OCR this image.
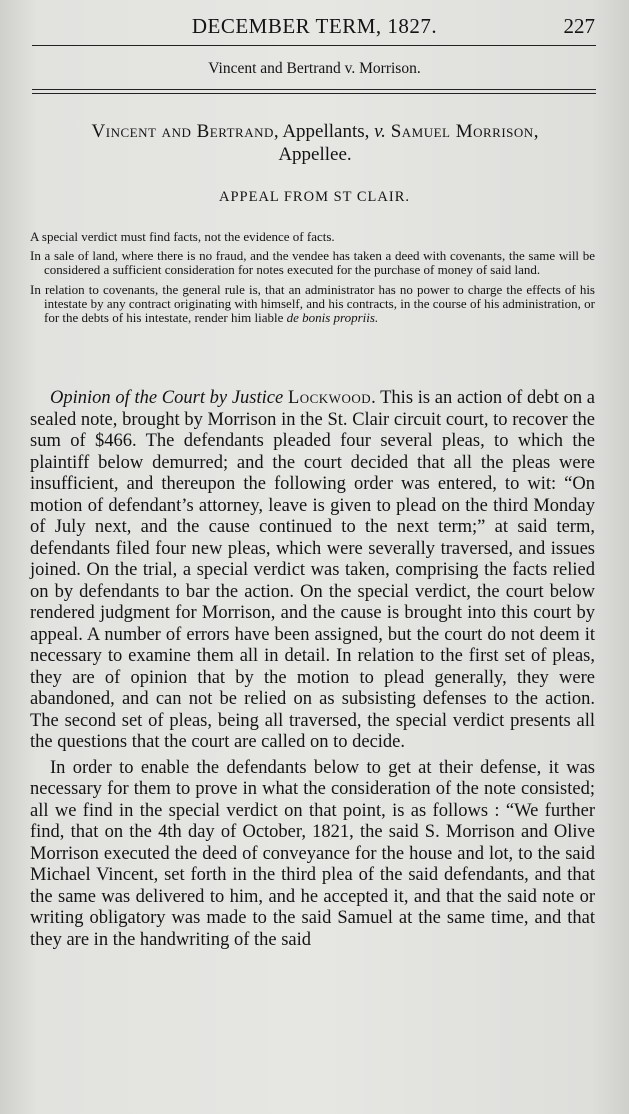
DECEMBER TERM, 1827.	227
Vincent and Bertrand v. Morrison.
Vincent and Bertrand, Appellants, v. Samuel Morrison,
Appellee.
APPEAL FROM ST CLAIR.

A special verdict must find facts, not the evidence of facts.

In a sale of land, where there is no fraud, and the vendee has taken a deed with covenants, the same will be considered a sufficient consideration for notes executed for the purchase of money of said land.

In relation to covenants, the general rule is, that an administrator has no power to charge the effects of his intestate by any contract originating with himself, and his contracts, in the course of his administration, or for the debts of his intestate, render him liable de bonis propriis.

Opinion of the Court by Justice Lockwood. This is an action of debt on a sealed note, brought by Morrison in the St. Clair circuit court, to recover the sum of $466. The defendants pleaded four several pleas, to which the plaintiff below demurred; and the court decided that all the pleas were insufficient, and thereupon the following order was entered, to wit: “On motion of defendant’s attorney, leave is given to plead on the third Monday of July next, and the cause continued to the next term;” at said term, defendants filed four new pleas, which were severally traversed, and issues joined. On the trial, a special verdict was taken, comprising the facts relied on by defendants to bar the action. On the special verdict, the court below rendered judgment for Morrison, and the cause is brought into this court by appeal. A number of errors have been assigned, but the court do not deem it necessary to examine them all in detail. In relation to the first set of pleas, they are of opinion that by the motion to plead generally, they were abandoned, and can not be relied on as subsisting defenses to the action. The second set of pleas, being all traversed, the special verdict presents all the questions that the court are called on to decide.

In order to enable the defendants below to get at their defense, it was necessary for them to prove in what the consideration of the note consisted; all we find in the special verdict on that point, is as follows : “We further find, that on the 4th day of October, 1821, the said S. Morrison and Olive Morrison executed the deed of conveyance for the house and lot, to the said Michael Vincent, set forth in the third plea of the said defendants, and that the same was delivered to him, and he accepted it, and that the said note or writing obligatory was made to the said Samuel at the same time, and that they are in the handwriting of the said
